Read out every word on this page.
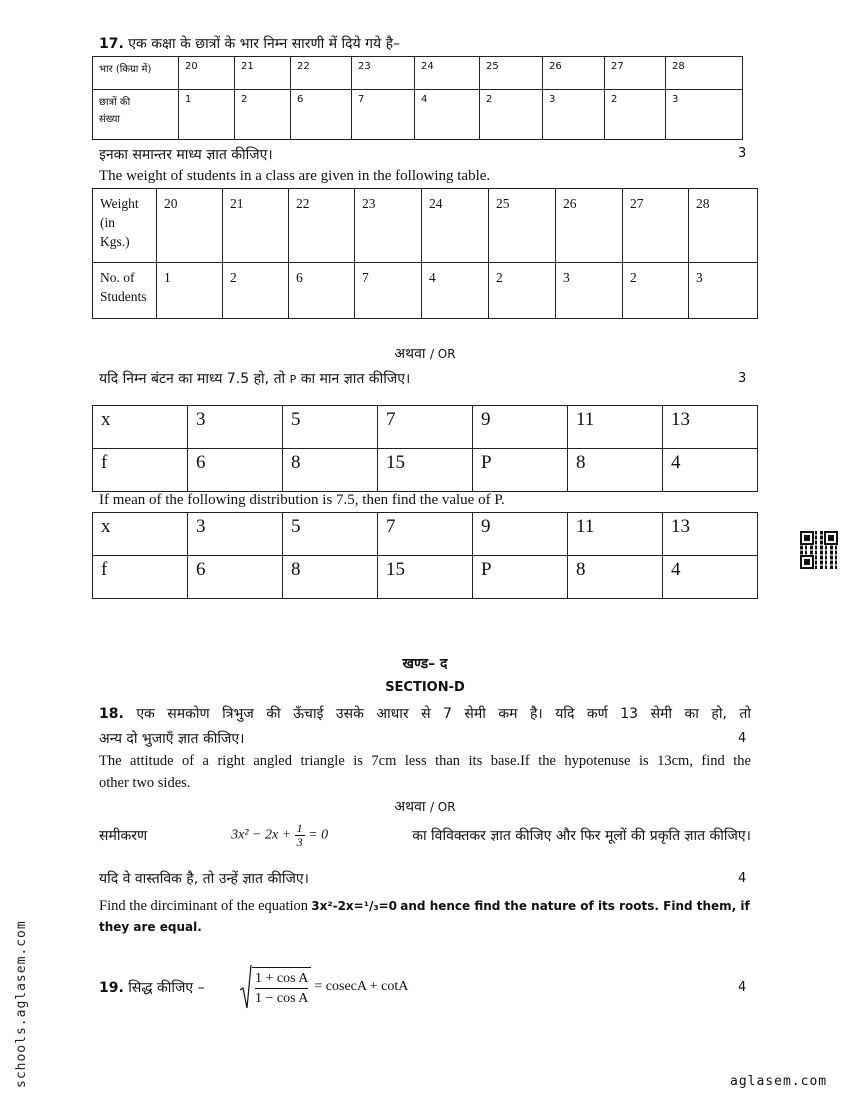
17. एक कक्षा के छात्रों के भार निम्न सारणी में दिये गये है–
भार (किग्रा में)	20	21	22	23	24	25	26	27	28

छात्रों की
संख्या	1	2	6	7	4	2	3	2	3
इनका समान्तर माध्य ज्ञात कीजिए।	3
The weight of students in a class are given in the following table.
Weight
(in
Kgs.)	20	21	22	23	24	25	26	27	28

No. of
Students	1	2	6	7	4	2	3	2	3
अथवा / OR
यदि निम्न बंटन का माध्य 7.5 हो, तो P का मान ज्ञात कीजिए।	3
x	3	5	7	9	11	13
f	6	8	15	P	8	4
If mean of the following distribution is 7.5, then find the value of P.
x	3	5	7	9	11	13
f	6	8	15	P	8	4
खण्ड– द
SECTION-D
18. एक समकोण त्रिभुज की ऊँचाई उसके आधार से 7 सेमी कम है। यदि कर्ण 13 सेमी का हो, तो
अन्य दो भुजाएँ ज्ञात कीजिए।	4
The attitude of a right angled triangle is 7cm less than its base.If the hypotenuse is 13cm, find the
other two sides.
अथवा / OR
समीकरण	$3x^2 - 2x + \frac{1}{3} = 0$	का विविक्तकर ज्ञात कीजिए और फिर मूलों की प्रकृति ज्ञात कीजिए।
यदि वे वास्तविक है, तो उन्हें ज्ञात कीजिए।	4
Find the dirciminant of the equation 3x²-2x=¹/₃=0 and hence find the nature of its roots. Find them, if
they are equal.
19. सिद्ध कीजिए –	$\frac{\text{1 + cos A}}{\text{1 − cos A}} = cosecA + \cot A$	4
schools.aglasem.com	aglasem.com
